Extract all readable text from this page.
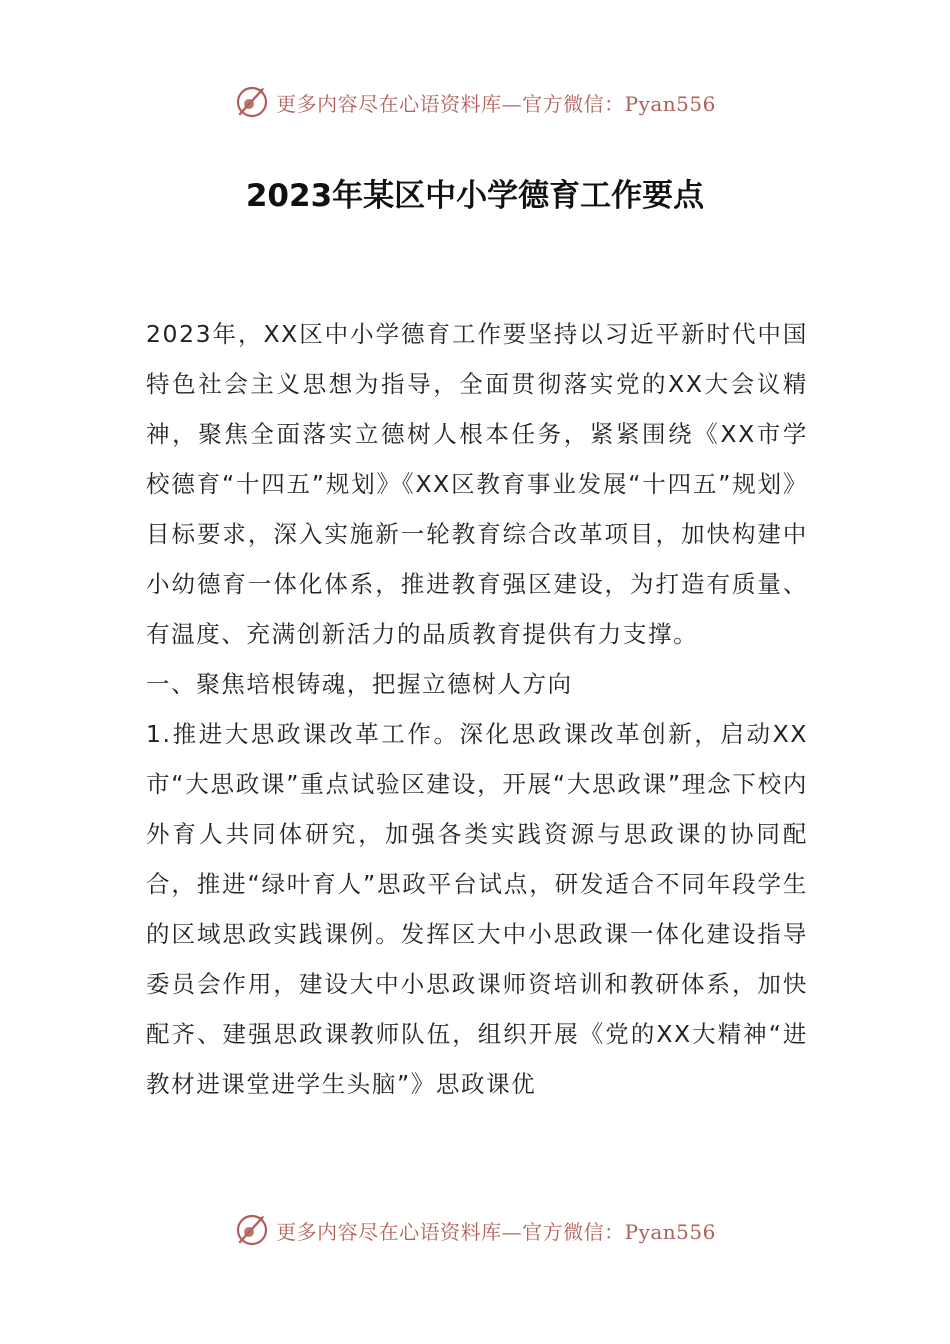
更多内容尽在心语资料库—官方微信：Pyan556
2023年某区中小学德育工作要点

2023年，XX区中小学德育工作要坚持以习近平新时代中国特色社会主义思想为指导，全面贯彻落实党的XX大会议精神，聚焦全面落实立德树人根本任务，紧紧围绕《XX市学校德育“十四五”规划》《XX区教育事业发展“十四五”规划》目标要求，深入实施新一轮教育综合改革项目，加快构建中小幼德育一体化体系，推进教育强区建设，为打造有质量、有温度、充满创新活力的品质教育提供有力支撑。

一、聚焦培根铸魂，把握立德树人方向

1.推进大思政课改革工作。深化思政课改革创新，启动XX市“大思政课”重点试验区建设，开展“大思政课”理念下校内外育人共同体研究，加强各类实践资源与思政课的协同配合，推进“绿叶育人”思政平台试点，研发适合不同年段学生的区域思政实践课例。发挥区大中小思政课一体化建设指导委员会作用，建设大中小思政课师资培训和教研体系，加快配齐、建强思政课教师队伍，组织开展《党的XX大精神“进教材进课堂进学生头脑”》思政课优

更多内容尽在心语资料库—官方微信：Pyan556
